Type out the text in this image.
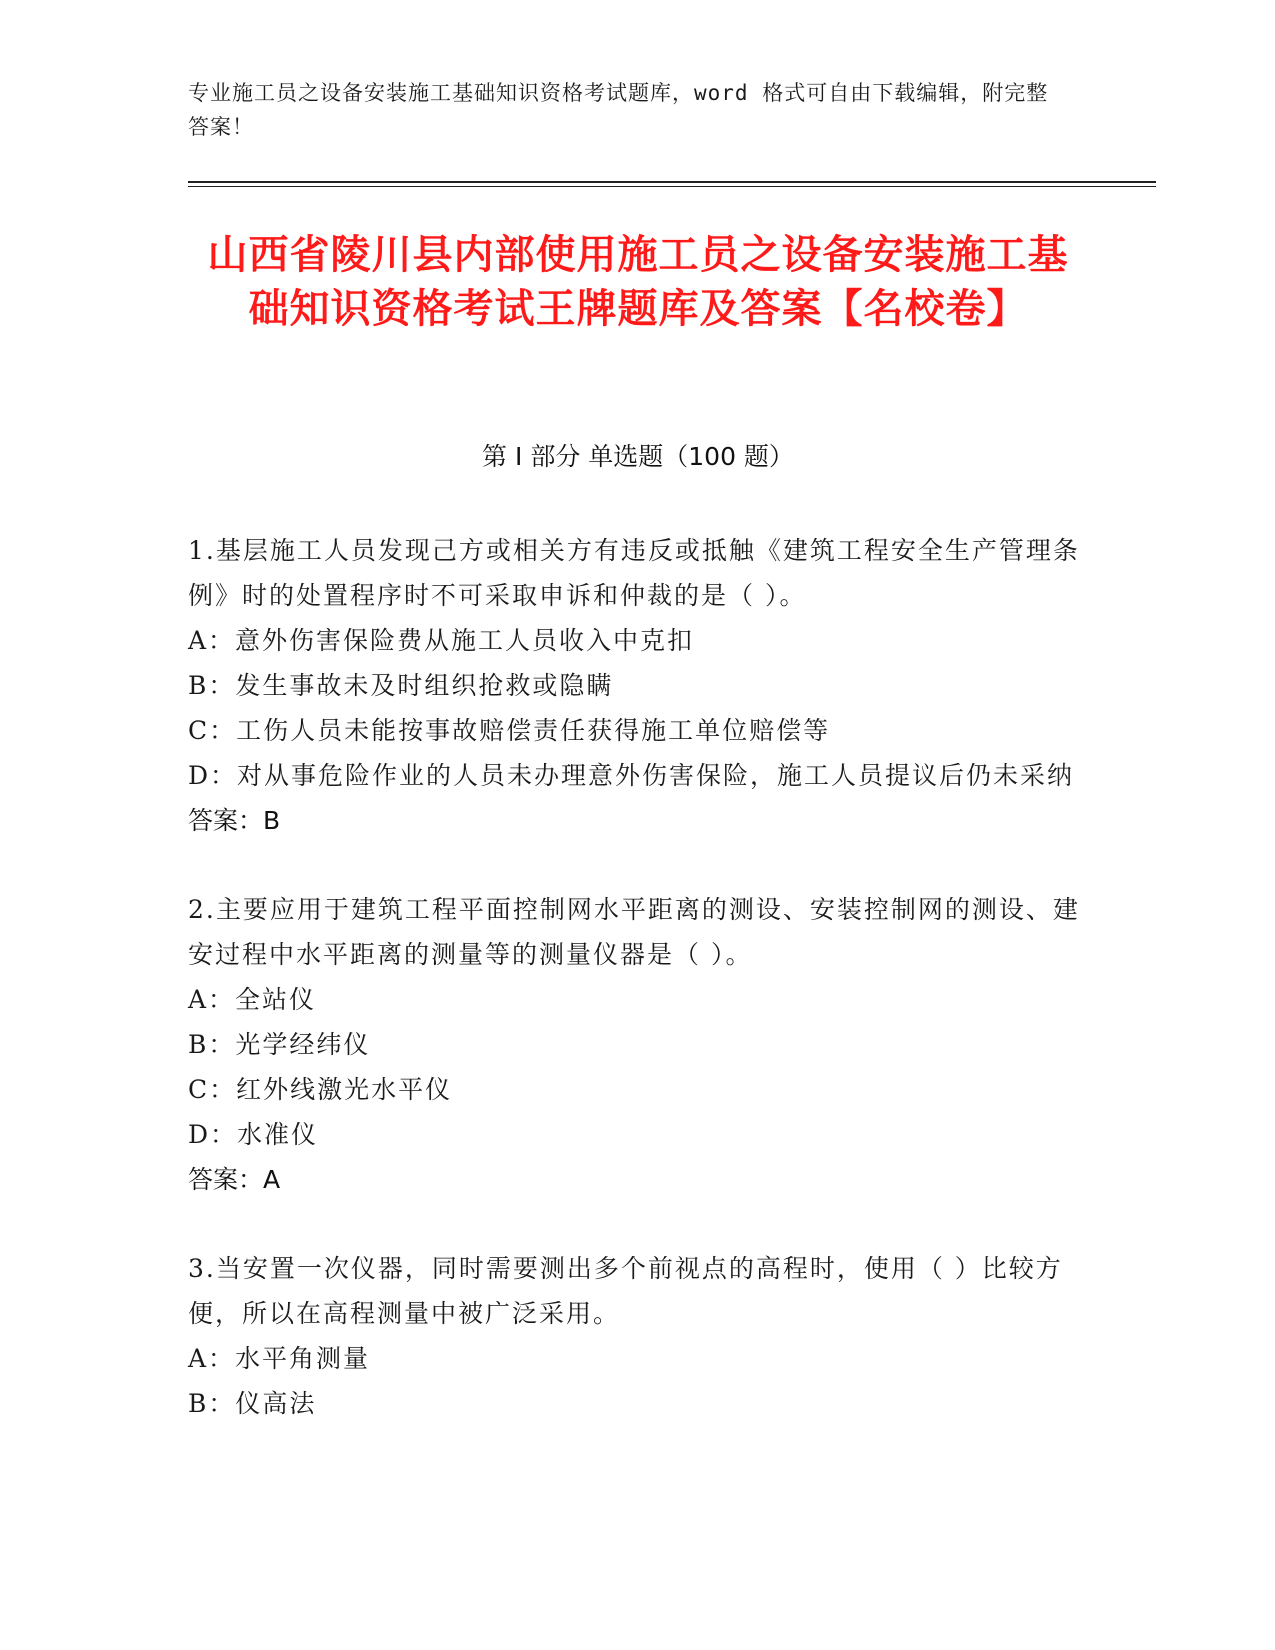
专业施工员之设备安装施工基础知识资格考试题库，word 格式可自由下载编辑，附完整答案！
山西省陵川县内部使用施工员之设备安装施工基础知识资格考试王牌题库及答案【名校卷】
第 I 部分 单选题（100 题）
1.基层施工人员发现己方或相关方有违反或抵触《建筑工程安全生产管理条例》时的处置程序时不可采取申诉和仲裁的是（ ）。
A：意外伤害保险费从施工人员收入中克扣
B：发生事故未及时组织抢救或隐瞒
C：工伤人员未能按事故赔偿责任获得施工单位赔偿等
D：对从事危险作业的人员未办理意外伤害保险，施工人员提议后仍未采纳
答案：B
2.主要应用于建筑工程平面控制网水平距离的测设、安装控制网的测设、建安过程中水平距离的测量等的测量仪器是（ ）。
A：全站仪
B：光学经纬仪
C：红外线激光水平仪
D：水准仪
答案：A
3.当安置一次仪器，同时需要测出多个前视点的高程时，使用（ ）比较方便，所以在高程测量中被广泛采用。
A：水平角测量
B：仪高法
